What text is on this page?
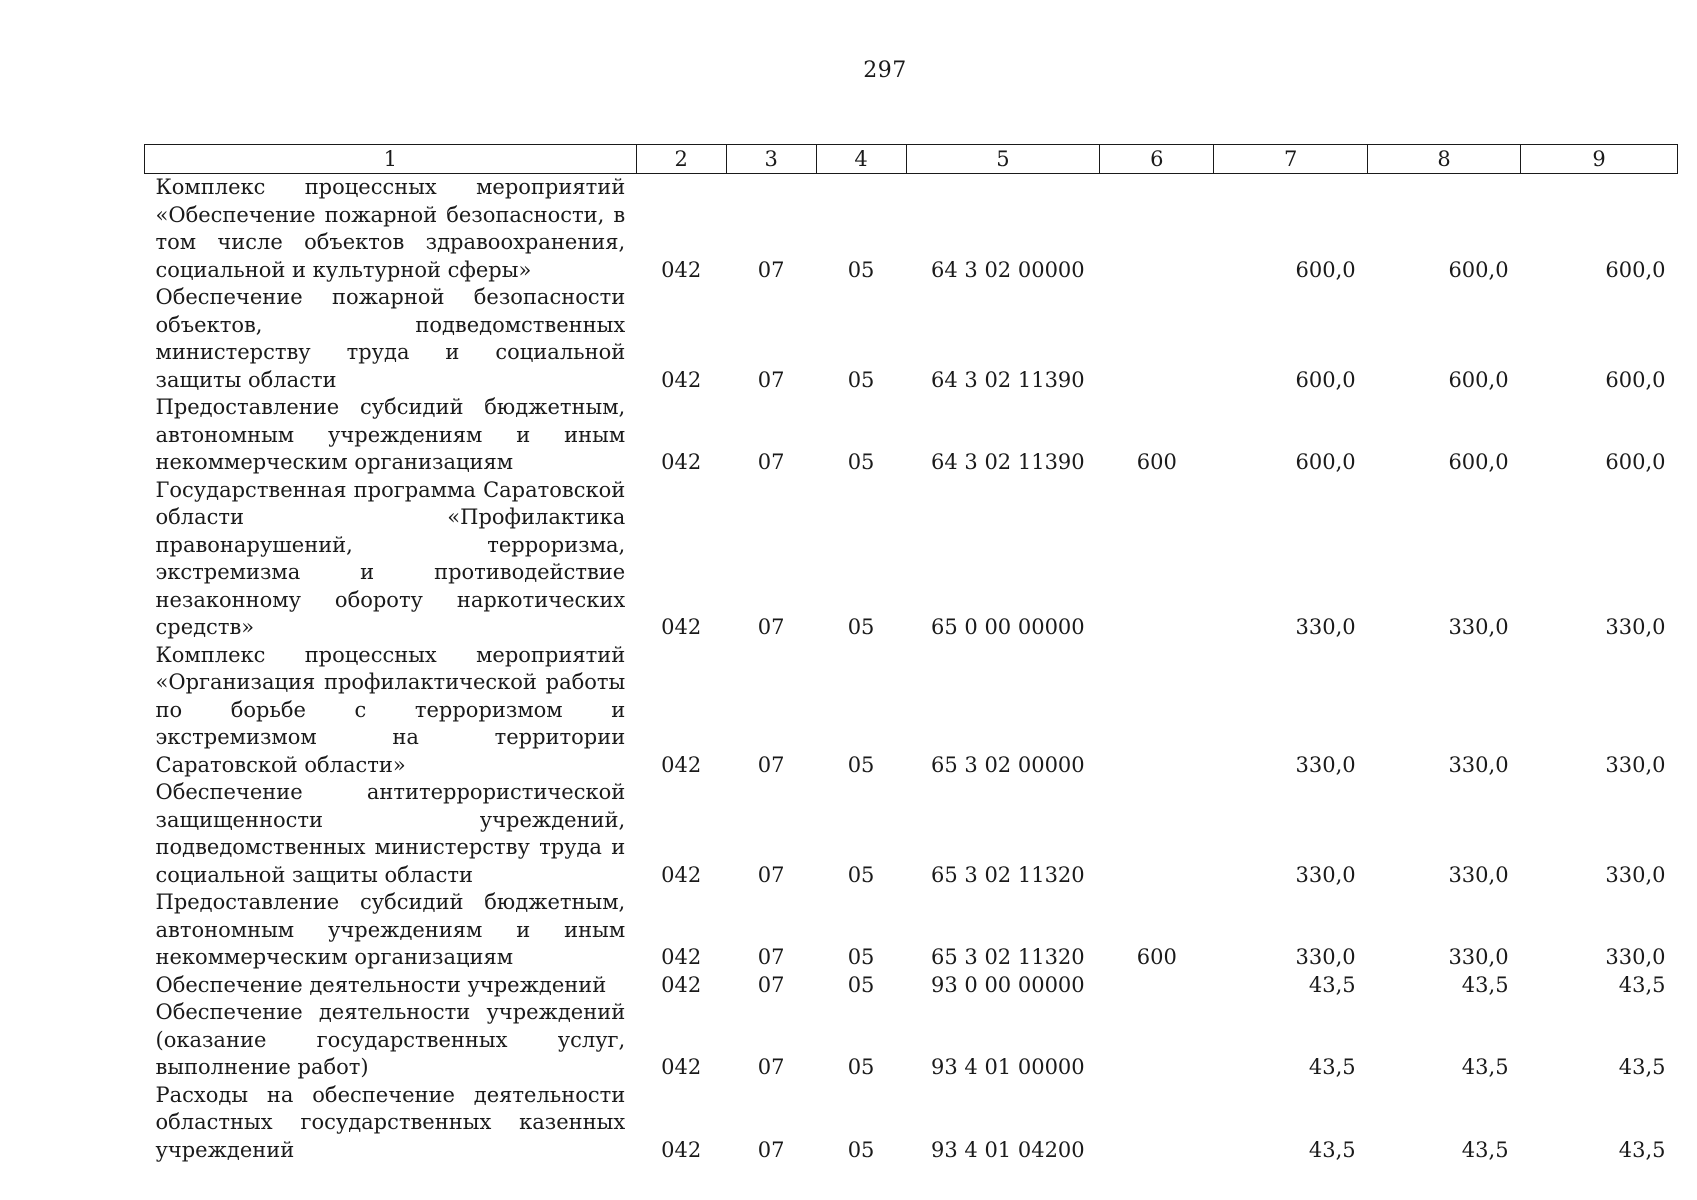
297
1	2	3	4	5	6	7	8	9
Комплекс процессных мероприятий «Обеспечение пожарной безопасности, в том числе объектов здравоохранения, социальной и культурной сферы»	042	07	05	64 3 02 00000		600,0	600,0	600,0
Обеспечение пожарной безопасности объектов, подведомственных министерству труда и социальной защиты области	042	07	05	64 3 02 11390		600,0	600,0	600,0
Предоставление субсидий бюджетным, автономным учреждениям и иным некоммерческим организациям	042	07	05	64 3 02 11390	600	600,0	600,0	600,0
Государственная программа Саратовской области «Профилактика правонарушений, терроризма, экстремизма и противодействие незаконному обороту наркотических средств»	042	07	05	65 0 00 00000		330,0	330,0	330,0
Комплекс процессных мероприятий «Организация профилактической работы по борьбе с терроризмом и экстремизмом на территории Саратовской области»	042	07	05	65 3 02 00000		330,0	330,0	330,0
Обеспечение антитеррористической защищенности учреждений, подведомственных министерству труда и социальной защиты области	042	07	05	65 3 02 11320		330,0	330,0	330,0
Предоставление субсидий бюджетным, автономным учреждениям и иным некоммерческим организациям	042	07	05	65 3 02 11320	600	330,0	330,0	330,0
Обеспечение деятельности учреждений	042	07	05	93 0 00 00000		43,5	43,5	43,5
Обеспечение деятельности учреждений (оказание государственных услуг, выполнение работ)	042	07	05	93 4 01 00000		43,5	43,5	43,5
Расходы на обеспечение деятельности областных государственных казенных учреждений	042	07	05	93 4 01 04200		43,5	43,5	43,5
